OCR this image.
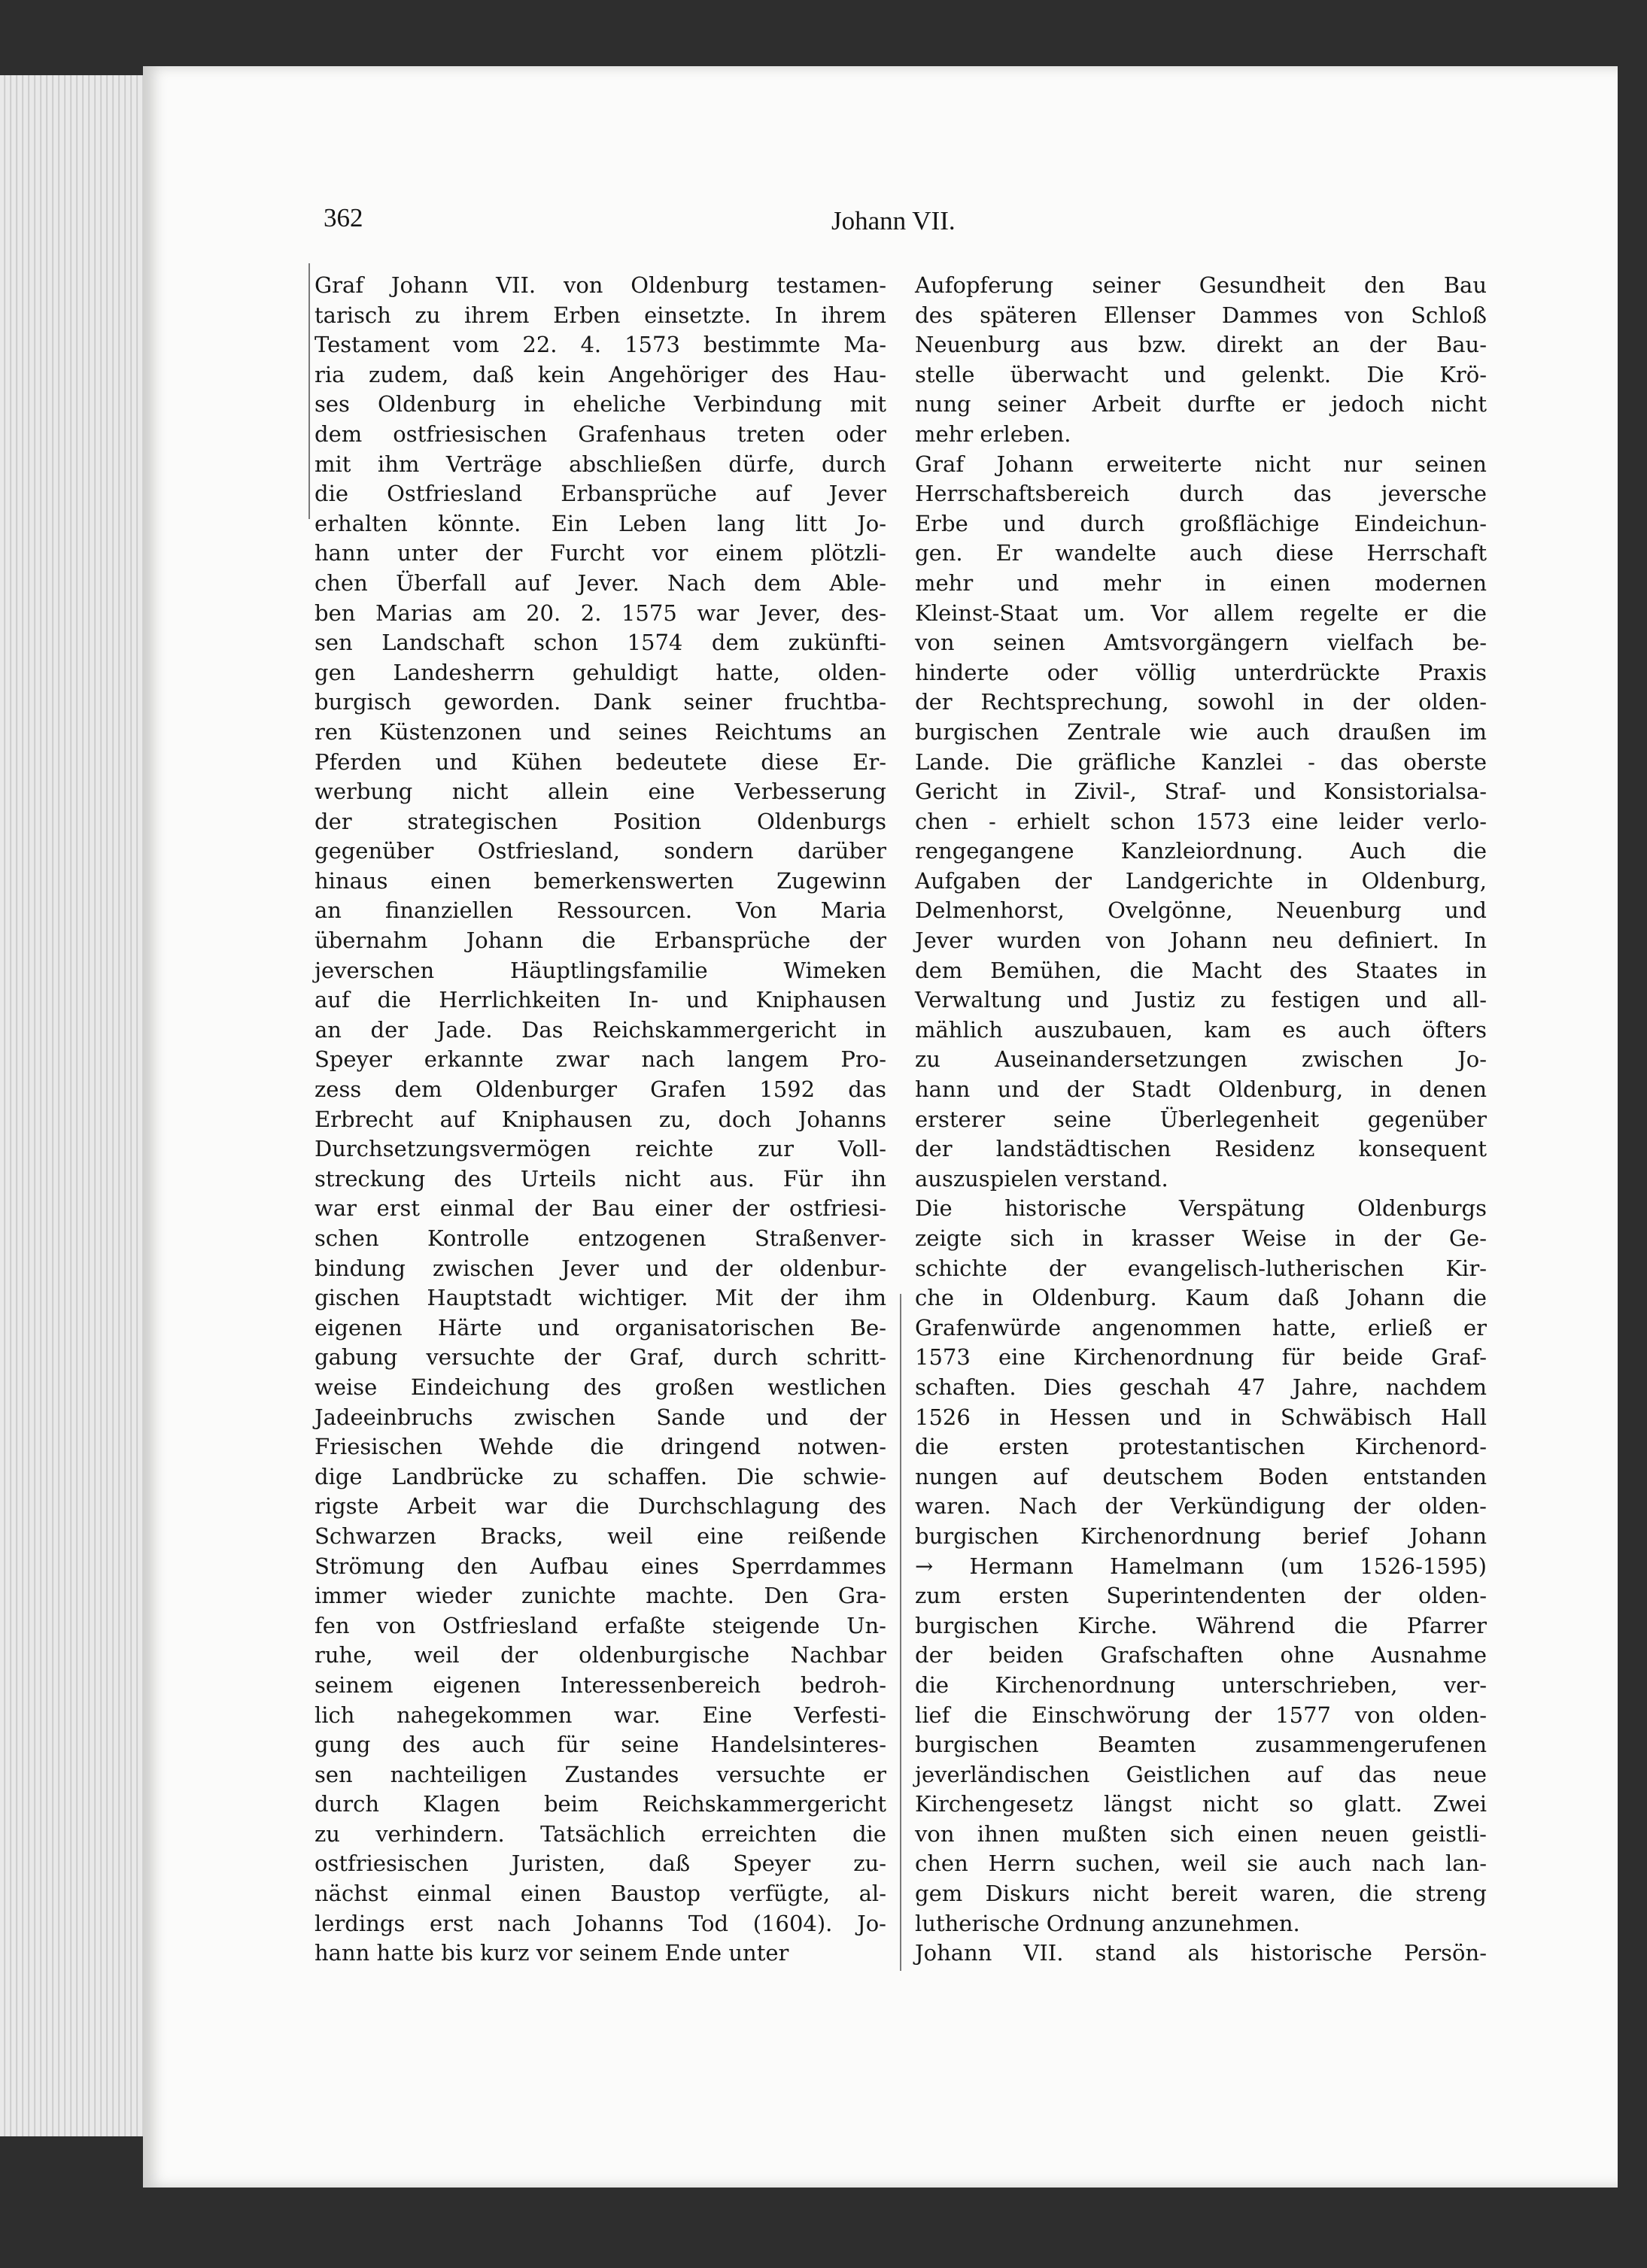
362	Johann VII.

Graf Johann VII. von Oldenburg testamen-
tarisch zu ihrem Erben einsetzte. In ihrem
Testament vom 22. 4. 1573 bestimmte Ma-
ria zudem, daß kein Angehöriger des Hau-
ses Oldenburg in eheliche Verbindung mit
dem ostfriesischen Grafenhaus treten oder
mit ihm Verträge abschließen dürfe, durch
die Ostfriesland Erbansprüche auf Jever
erhalten könnte. Ein Leben lang litt Jo-
hann unter der Furcht vor einem plötzli-
chen Überfall auf Jever. Nach dem Able-
ben Marias am 20. 2. 1575 war Jever, des-
sen Landschaft schon 1574 dem zukünfti-
gen Landesherrn gehuldigt hatte, olden-
burgisch geworden. Dank seiner fruchtba-
ren Küstenzonen und seines Reichtums an
Pferden und Kühen bedeutete diese Er-
werbung nicht allein eine Verbesserung
der strategischen Position Oldenburgs
gegenüber Ostfriesland, sondern darüber
hinaus einen bemerkenswerten Zugewinn
an finanziellen Ressourcen. Von Maria
übernahm Johann die Erbansprüche der
jeverschen Häuptlingsfamilie Wimeken
auf die Herrlichkeiten In- und Kniphausen
an der Jade. Das Reichskammergericht in
Speyer erkannte zwar nach langem Pro-
zess dem Oldenburger Grafen 1592 das
Erbrecht auf Kniphausen zu, doch Johanns
Durchsetzungsvermögen reichte zur Voll-
streckung des Urteils nicht aus. Für ihn
war erst einmal der Bau einer der ostfriesi-
schen Kontrolle entzogenen Straßenver-
bindung zwischen Jever und der oldenbur-
gischen Hauptstadt wichtiger. Mit der ihm
eigenen Härte und organisatorischen Be-
gabung versuchte der Graf, durch schritt-
weise Eindeichung des großen westlichen
Jadeeinbruchs zwischen Sande und der
Friesischen Wehde die dringend notwen-
dige Landbrücke zu schaffen. Die schwie-
rigste Arbeit war die Durchschlagung des
Schwarzen Bracks, weil eine reißende
Strömung den Aufbau eines Sperrdammes
immer wieder zunichte machte. Den Gra-
fen von Ostfriesland erfaßte steigende Un-
ruhe, weil der oldenburgische Nachbar
seinem eigenen Interessenbereich bedroh-
lich nahegekommen war. Eine Verfesti-
gung des auch für seine Handelsinteres-
sen nachteiligen Zustandes versuchte er
durch Klagen beim Reichskammergericht
zu verhindern. Tatsächlich erreichten die
ostfriesischen Juristen, daß Speyer zu-
nächst einmal einen Baustop verfügte, al-
lerdings erst nach Johanns Tod (1604). Jo-
hann hatte bis kurz vor seinem Ende unter
Aufopferung seiner Gesundheit den Bau
des späteren Ellenser Dammes von Schloß
Neuenburg aus bzw. direkt an der Bau-
stelle überwacht und gelenkt. Die Krö-
nung seiner Arbeit durfte er jedoch nicht
mehr erleben.
Graf Johann erweiterte nicht nur seinen
Herrschaftsbereich durch das jeversche
Erbe und durch großflächige Eindeichun-
gen. Er wandelte auch diese Herrschaft
mehr und mehr in einen modernen
Kleinst-Staat um. Vor allem regelte er die
von seinen Amtsvorgängern vielfach be-
hinderte oder völlig unterdrückte Praxis
der Rechtsprechung, sowohl in der olden-
burgischen Zentrale wie auch draußen im
Lande. Die gräfliche Kanzlei - das oberste
Gericht in Zivil-, Straf- und Konsistorialsa-
chen - erhielt schon 1573 eine leider verlo-
rengegangene Kanzleiordnung. Auch die
Aufgaben der Landgerichte in Oldenburg,
Delmenhorst, Ovelgönne, Neuenburg und
Jever wurden von Johann neu definiert. In
dem Bemühen, die Macht des Staates in
Verwaltung und Justiz zu festigen und all-
mählich auszubauen, kam es auch öfters
zu Auseinandersetzungen zwischen Jo-
hann und der Stadt Oldenburg, in denen
ersterer seine Überlegenheit gegenüber
der landstädtischen Residenz konsequent
auszuspielen verstand.
Die historische Verspätung Oldenburgs
zeigte sich in krasser Weise in der Ge-
schichte der evangelisch-lutherischen Kir-
che in Oldenburg. Kaum daß Johann die
Grafenwürde angenommen hatte, erließ er
1573 eine Kirchenordnung für beide Graf-
schaften. Dies geschah 47 Jahre, nachdem
1526 in Hessen und in Schwäbisch Hall
die ersten protestantischen Kirchenord-
nungen auf deutschem Boden entstanden
waren. Nach der Verkündigung der olden-
burgischen Kirchenordnung berief Johann
→ Hermann Hamelmann (um 1526-1595)
zum ersten Superintendenten der olden-
burgischen Kirche. Während die Pfarrer
der beiden Grafschaften ohne Ausnahme
die Kirchenordnung unterschrieben, ver-
lief die Einschwörung der 1577 von olden-
burgischen Beamten zusammengerufenen
jeverländischen Geistlichen auf das neue
Kirchengesetz längst nicht so glatt. Zwei
von ihnen mußten sich einen neuen geistli-
chen Herrn suchen, weil sie auch nach lan-
gem Diskurs nicht bereit waren, die streng
lutherische Ordnung anzunehmen.
Johann VII. stand als historische Persön-
